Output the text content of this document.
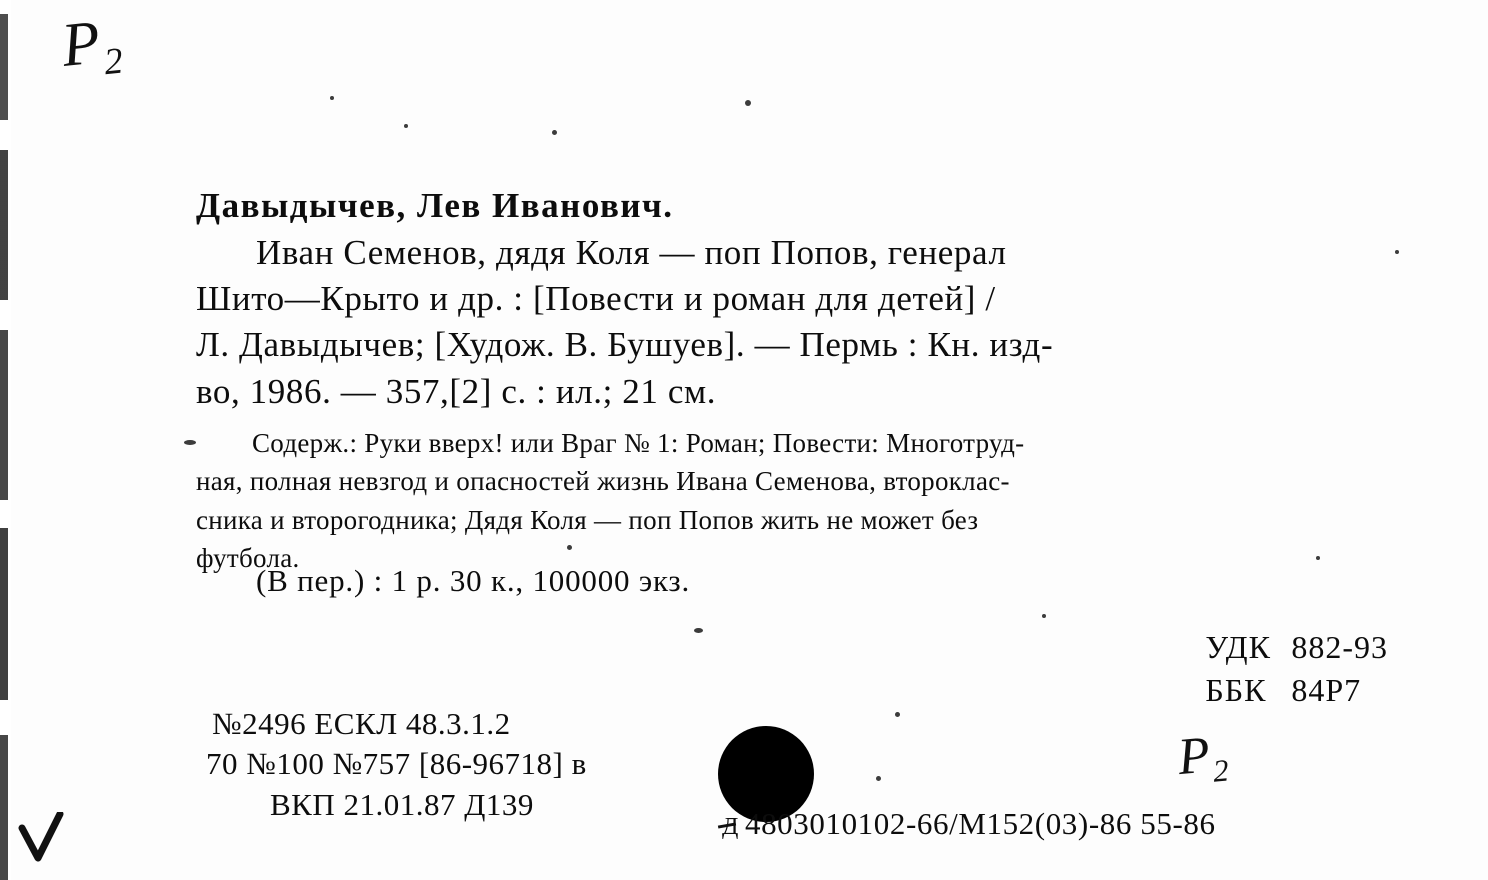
Р₂
Р₂
Давыдычев, Лев Иванович.
Иван Семенов, дядя Коля — поп Попов, генерал
Шито—Крыто и др. : [Повести и роман для детей] /
Л. Давыдычев; [Худож. В. Бушуев]. — Пермь : Кн. изд-
во, 1986. — 357,[2] с. : ил.; 21 см.
Содерж.: Руки вверх! или Враг № 1: Роман; Повести: Многотруд-
ная, полная невзгод и опасностей жизнь Ивана Семенова, второклас-
сника и второгодника; Дядя Коля — поп Попов жить не может без
футбола.
(В пер.) : 1 р. 30 к., 100000 экз.
УДК 882-93
ББК 84Р7
№2496 ЕСКЛ 48.3.1.2
70 №100 №757 [86-96718] в
ВКП 21.01.87 Д139
Д 4803010102-66/М152(03)-86 55-86
